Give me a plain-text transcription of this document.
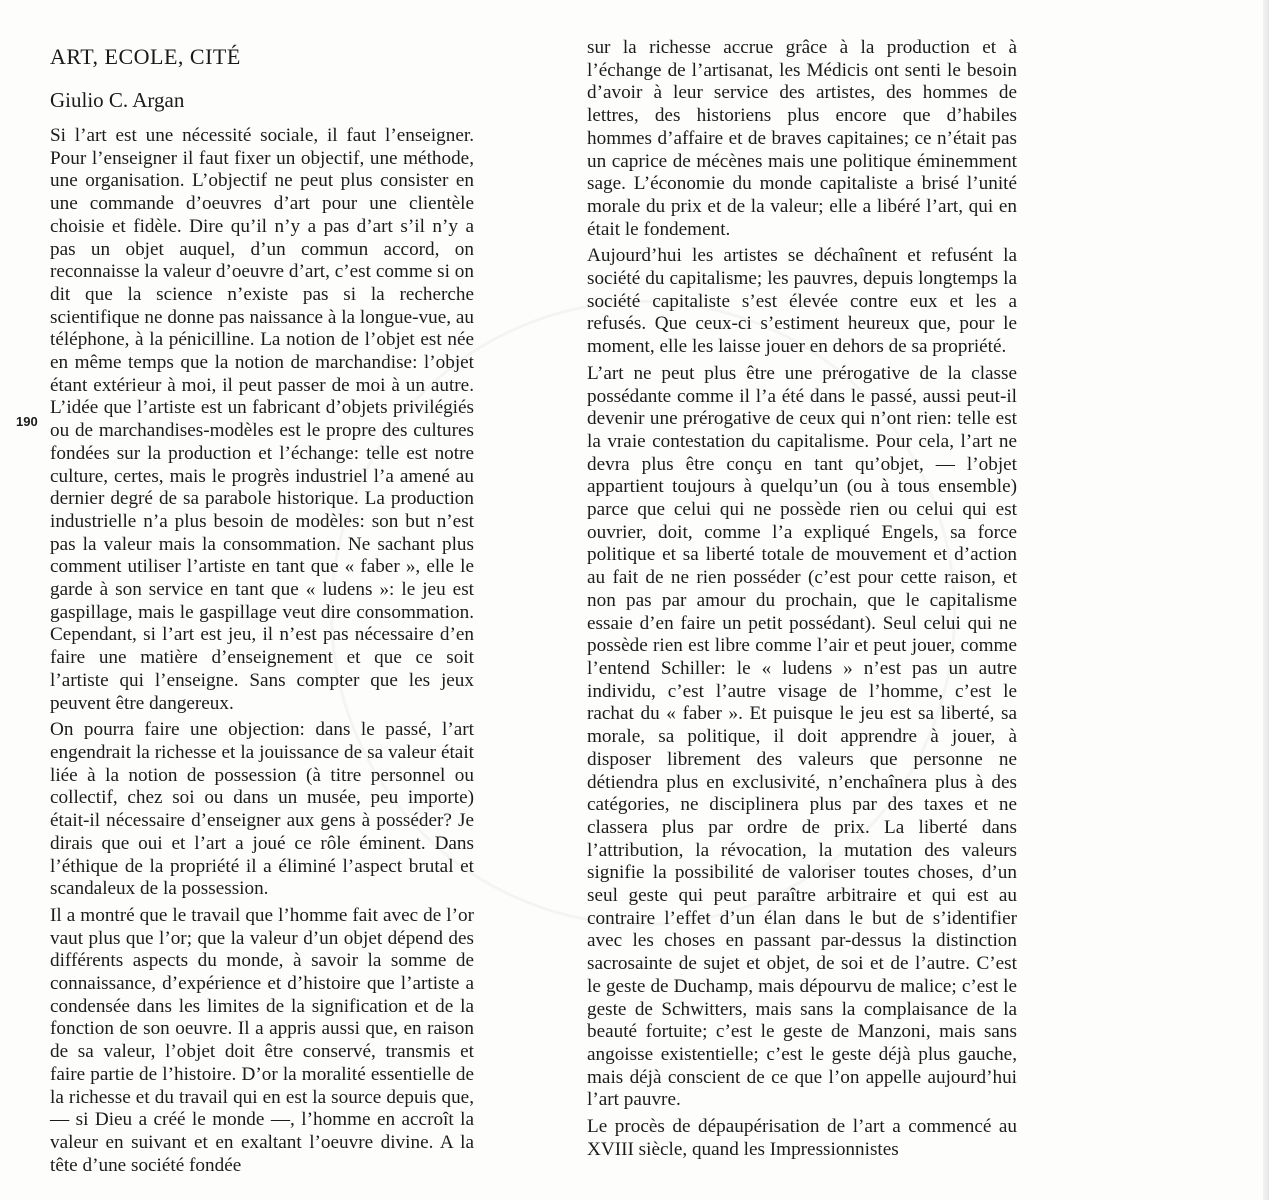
ART, ECOLE, CITÉ
Giulio C. Argan
190

Si l’art est une nécessité sociale, il faut l’enseigner. Pour l’enseigner il faut fixer un objectif, une méthode, une organisation. L’objectif ne peut plus consister en une commande d’oeuvres d’art pour une clientèle choisie et fidèle. Dire qu’il n’y a pas d’art s’il n’y a pas un objet auquel, d’un commun accord, on reconnaisse la valeur d’oeuvre d’art, c’est comme si on dit que la science n’existe pas si la recherche scientifique ne donne pas naissance à la longue-vue, au téléphone, à la pénicilline. La notion de l’objet est née en même temps que la notion de marchandise: l’objet étant extérieur à moi, il peut passer de moi à un autre. L’idée que l’artiste est un fabricant d’objets privilégiés ou de marchandises-modèles est le propre des cultures fondées sur la production et l’échange: telle est notre culture, certes, mais le progrès industriel l’a amené au dernier degré de sa parabole historique. La production industrielle n’a plus besoin de modèles: son but n’est pas la valeur mais la consommation. Ne sachant plus comment utiliser l’artiste en tant que « faber », elle le garde à son service en tant que « ludens »: le jeu est gaspillage, mais le gaspillage veut dire consommation. Cependant, si l’art est jeu, il n’est pas nécessaire d’en faire une matière d’enseignement et que ce soit l’artiste qui l’enseigne. Sans compter que les jeux peuvent être dangereux.

On pourra faire une objection: dans le passé, l’art engendrait la richesse et la jouissance de sa valeur était liée à la notion de possession (à titre personnel ou collectif, chez soi ou dans un musée, peu importe) était-il nécessaire d’enseigner aux gens à posséder? Je dirais que oui et l’art a joué ce rôle éminent. Dans l’éthique de la propriété il a éliminé l’aspect brutal et scandaleux de la possession.

Il a montré que le travail que l’homme fait avec de l’or vaut plus que l’or; que la valeur d’un objet dépend des différents aspects du monde, à savoir la somme de connaissance, d’expérience et d’histoire que l’artiste a condensée dans les limites de la signification et de la fonction de son oeuvre. Il a appris aussi que, en raison de sa valeur, l’objet doit être conservé, transmis et faire partie de l’histoire. D’or la moralité essentielle de la richesse et du travail qui en est la source depuis que, — si Dieu a créé le monde —, l’homme en accroît la valeur en suivant et en exaltant l’oeuvre divine. A la tête d’une société fondée

sur la richesse accrue grâce à la production et à l’échange de l’artisanat, les Médicis ont senti le besoin d’avoir à leur service des artistes, des hommes de lettres, des historiens plus encore que d’habiles hommes d’affaire et de braves capitaines; ce n’était pas un caprice de mécènes mais une politique éminemment sage. L’économie du monde capitaliste a brisé l’unité morale du prix et de la valeur; elle a libéré l’art, qui en était le fondement.

Aujourd’hui les artistes se déchaînent et refusént la société du capitalisme; les pauvres, depuis longtemps la société capitaliste s’est élevée contre eux et les a refusés. Que ceux-ci s’estiment heureux que, pour le moment, elle les laisse jouer en dehors de sa propriété.

L’art ne peut plus être une prérogative de la classe possédante comme il l’a été dans le passé, aussi peut-il devenir une prérogative de ceux qui n’ont rien: telle est la vraie contestation du capitalisme. Pour cela, l’art ne devra plus être conçu en tant qu’objet, — l’objet appartient toujours à quelqu’un (ou à tous ensemble) parce que celui qui ne possède rien ou celui qui est ouvrier, doit, comme l’a expliqué Engels, sa force politique et sa liberté totale de mouvement et d’action au fait de ne rien posséder (c’est pour cette raison, et non pas par amour du prochain, que le capitalisme essaie d’en faire un petit possédant). Seul celui qui ne possède rien est libre comme l’air et peut jouer, comme l’entend Schiller: le « ludens » n’est pas un autre individu, c’est l’autre visage de l’homme, c’est le rachat du « faber ». Et puisque le jeu est sa liberté, sa morale, sa politique, il doit apprendre à jouer, à disposer librement des valeurs que personne ne détiendra plus en exclusivité, n’enchaînera plus à des catégories, ne disciplinera plus par des taxes et ne classera plus par ordre de prix. La liberté dans l’attribution, la révocation, la mutation des valeurs signifie la possibilité de valoriser toutes choses, d’un seul geste qui peut paraître arbitraire et qui est au contraire l’effet d’un élan dans le but de s’identifier avec les choses en passant par-dessus la distinction sacrosainte de sujet et objet, de soi et de l’autre. C’est le geste de Duchamp, mais dépourvu de malice; c’est le geste de Schwitters, mais sans la complaisance de la beauté fortuite; c’est le geste de Manzoni, mais sans angoisse existentielle; c’est le geste déjà plus gauche, mais déjà conscient de ce que l’on appelle aujourd’hui l’art pauvre.

Le procès de dépaupérisation de l’art a commencé au XVIII siècle, quand les Impressionnistes
